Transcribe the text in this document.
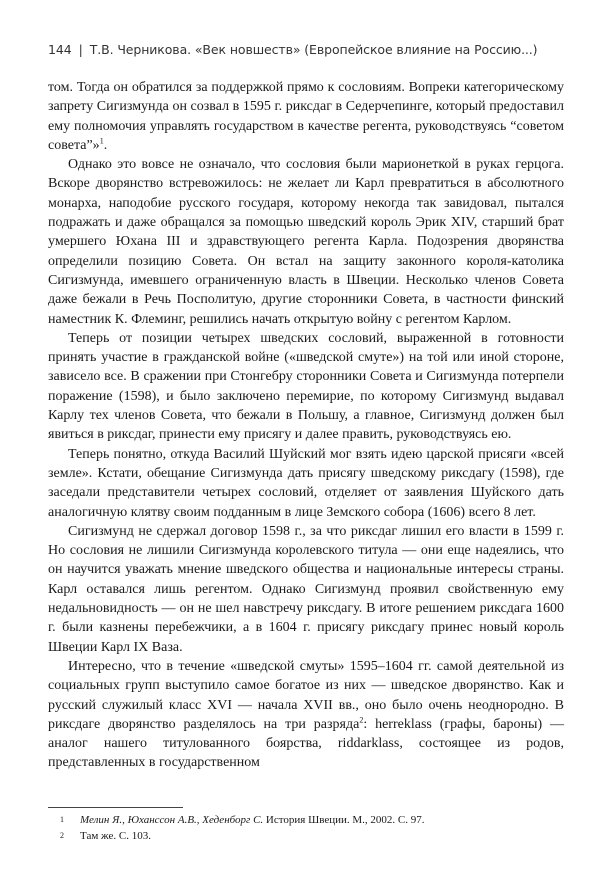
144 | Т.В. Черникова. «Век новшеств» (Европейское влияние на Россию...)

том. Тогда он обратился за поддержкой прямо к сословиям. Вопреки категорическому запрету Сигизмунда он созвал в 1595 г. риксдаг в Седерчепинге, который предоставил ему полномочия управлять государством в качестве регента, руководствуясь “советом совета”»$^1$.

Однако это вовсе не означало, что сословия были марионеткой в руках герцога. Вскоре дворянство встревожилось: не желает ли Карл превратиться в абсолютного монарха, наподобие русского государя, которому некогда так завидовал, пытался подражать и даже обращался за помощью шведский король Эрик XIV, старший брат умершего Юхана III и здравствующего регента Карла. Подозрения дворянства определили позицию Совета. Он встал на защиту законного короля-католика Сигизмунда, имевшего ограниченную власть в Швеции. Несколько членов Совета даже бежали в Речь Посполитую, другие сторонники Совета, в частности финский наместник К. Флеминг, решились начать открытую войну с регентом Карлом.

Теперь от позиции четырех шведских сословий, выраженной в готовности принять участие в гражданской войне («шведской смуте») на той или иной стороне, зависело все. В сражении при Стонгебру сторонники Совета и Сигизмунда потерпели поражение (1598), и было заключено перемирие, по которому Сигизмунд выдавал Карлу тех членов Совета, что бежали в Польшу, а главное, Сигизмунд должен был явиться в риксдаг, принести ему присягу и далее править, руководствуясь ею.

Теперь понятно, откуда Василий Шуйский мог взять идею царской присяги «всей земле». Кстати, обещание Сигизмунда дать присягу шведскому риксдагу (1598), где заседали представители четырех сословий, отделяет от заявления Шуйского дать аналогичную клятву своим подданным в лице Земского собора (1606) всего 8 лет.

Сигизмунд не сдержал договор 1598 г., за что риксдаг лишил его власти в 1599 г. Но сословия не лишили Сигизмунда королевского титула — они еще надеялись, что он научится уважать мнение шведского общества и национальные интересы страны. Карл оставался лишь регентом. Однако Сигизмунд проявил свойственную ему недальновидность — он не шел навстречу риксдагу. В итоге решением риксдага 1600 г. были казнены перебежчики, а в 1604 г. присягу риксдагу принес новый король Швеции Карл IX Ваза.

Интересно, что в течение «шведской смуты» 1595–1604 гг. самой деятельной из социальных групп выступило самое богатое из них — шведское дворянство. Как и русский служилый класс XVI — начала XVII вв., оно было очень неоднородно. В риксдаге дворянство разделялось на три разряда$^2$: herreklass (графы, бароны) — аналог нашего титулованного боярства, riddarklass, состоящее из родов, представленных в государственном

1	Мелин Я., Юханссон А.В., Хеденборг С. История Швеции. М., 2002. С. 97.
2	Там же. С. 103.
